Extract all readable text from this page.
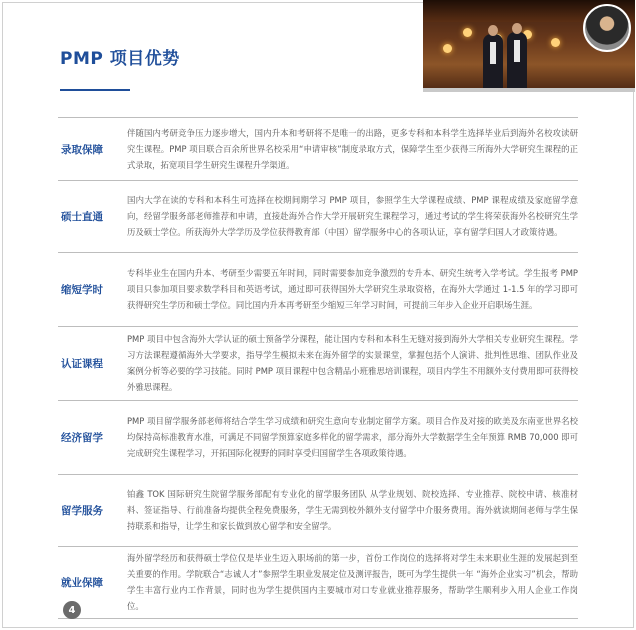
PMP 项目优势
录取保障
伴随国内考研竞争压力逐步增大，国内升本和考研将不是唯一的出路，更多专科和本科学生选择毕业后到海外名校攻读研究生课程。PMP 项目联合百余所世界名校采用“申请审核”制度录取方式，保障学生至少获得三所海外大学研究生课程的正式录取，拓宽项目学生研究生课程升学渠道。
硕士直通
国内大学在读的专科和本科生可选择在校期间期学习 PMP 项目，参照学生大学课程成绩、PMP 课程成绩及家庭留学意向，经留学服务部老师推荐和申请，直接赴海外合作大学开展研究生课程学习，通过考试的学生将荣获海外名校研究生学历及硕士学位。所获海外大学学历及学位获得教育部（中国）留学服务中心的各项认证，享有留学归国人才政策待遇。
缩短学时
专科毕业生在国内升本、考研至少需要五年时间，同时需要参加竞争激烈的专升本、研究生统考入学考试。学生报考 PMP 项目只参加项目要求数学科目和英语考试，通过即可获得国外大学研究生录取资格，在海外大学通过 1-1.5 年的学习即可获得研究生学历和硕士学位。同比国内升本再考研至少缩短三年学习时间，可提前三年步入企业开启职场生涯。
认证课程
PMP 项目中包含海外大学认证的硕士预备学分课程，能让国内专科和本科生无缝对接到海外大学相关专业研究生课程。学习方法课程遵循海外大学要求，指导学生模拟未来在海外留学的实景课堂，掌握包括个人演讲、批判性思维、团队作业及案例分析等必要的学习技能。同时 PMP 项目课程中包含精品小班雅思培训课程，项目内学生不用额外支付费用即可获得校外雅思课程。
经济留学
PMP 项目留学服务部老师将结合学生学习成绩和研究生意向专业制定留学方案。项目合作及对接的欧美及东南亚世界名校均保持高标准教育水准，可满足不同留学预算家庭多样化的留学需求，部分海外大学数据学生全年预算 RMB 70,000 即可完成研究生课程学习，开拓国际化视野的同时享受归国留学生各项政策待遇。
留学服务
铂鑫 TOK 国际研究生院留学服务部配有专业化的留学服务团队 从学业规划、院校选择、专业推荐、院校申请、核准材料、签证指导、行前准备均提供全程免费服务，学生无需到校外额外支付留学中介服务费用。海外就读期间老师与学生保持联系和指导，让学生和家长做到放心留学和安全留学。
就业保障
海外留学经历和获得硕士学位仅是毕业生迈入职场前的第一步，首份工作岗位的选择将对学生未来职业生涯的发展起到至关重要的作用。学院联合“志诚人才”参照学生职业发展定位及测评报告，既可为学生提供一年 “海外企业实习”机会，帮助学生丰富行业内工作背景，同时也为学生提供国内主要城市对口专业就业推荐服务，帮助学生顺利步入用人企业工作岗位。
4
